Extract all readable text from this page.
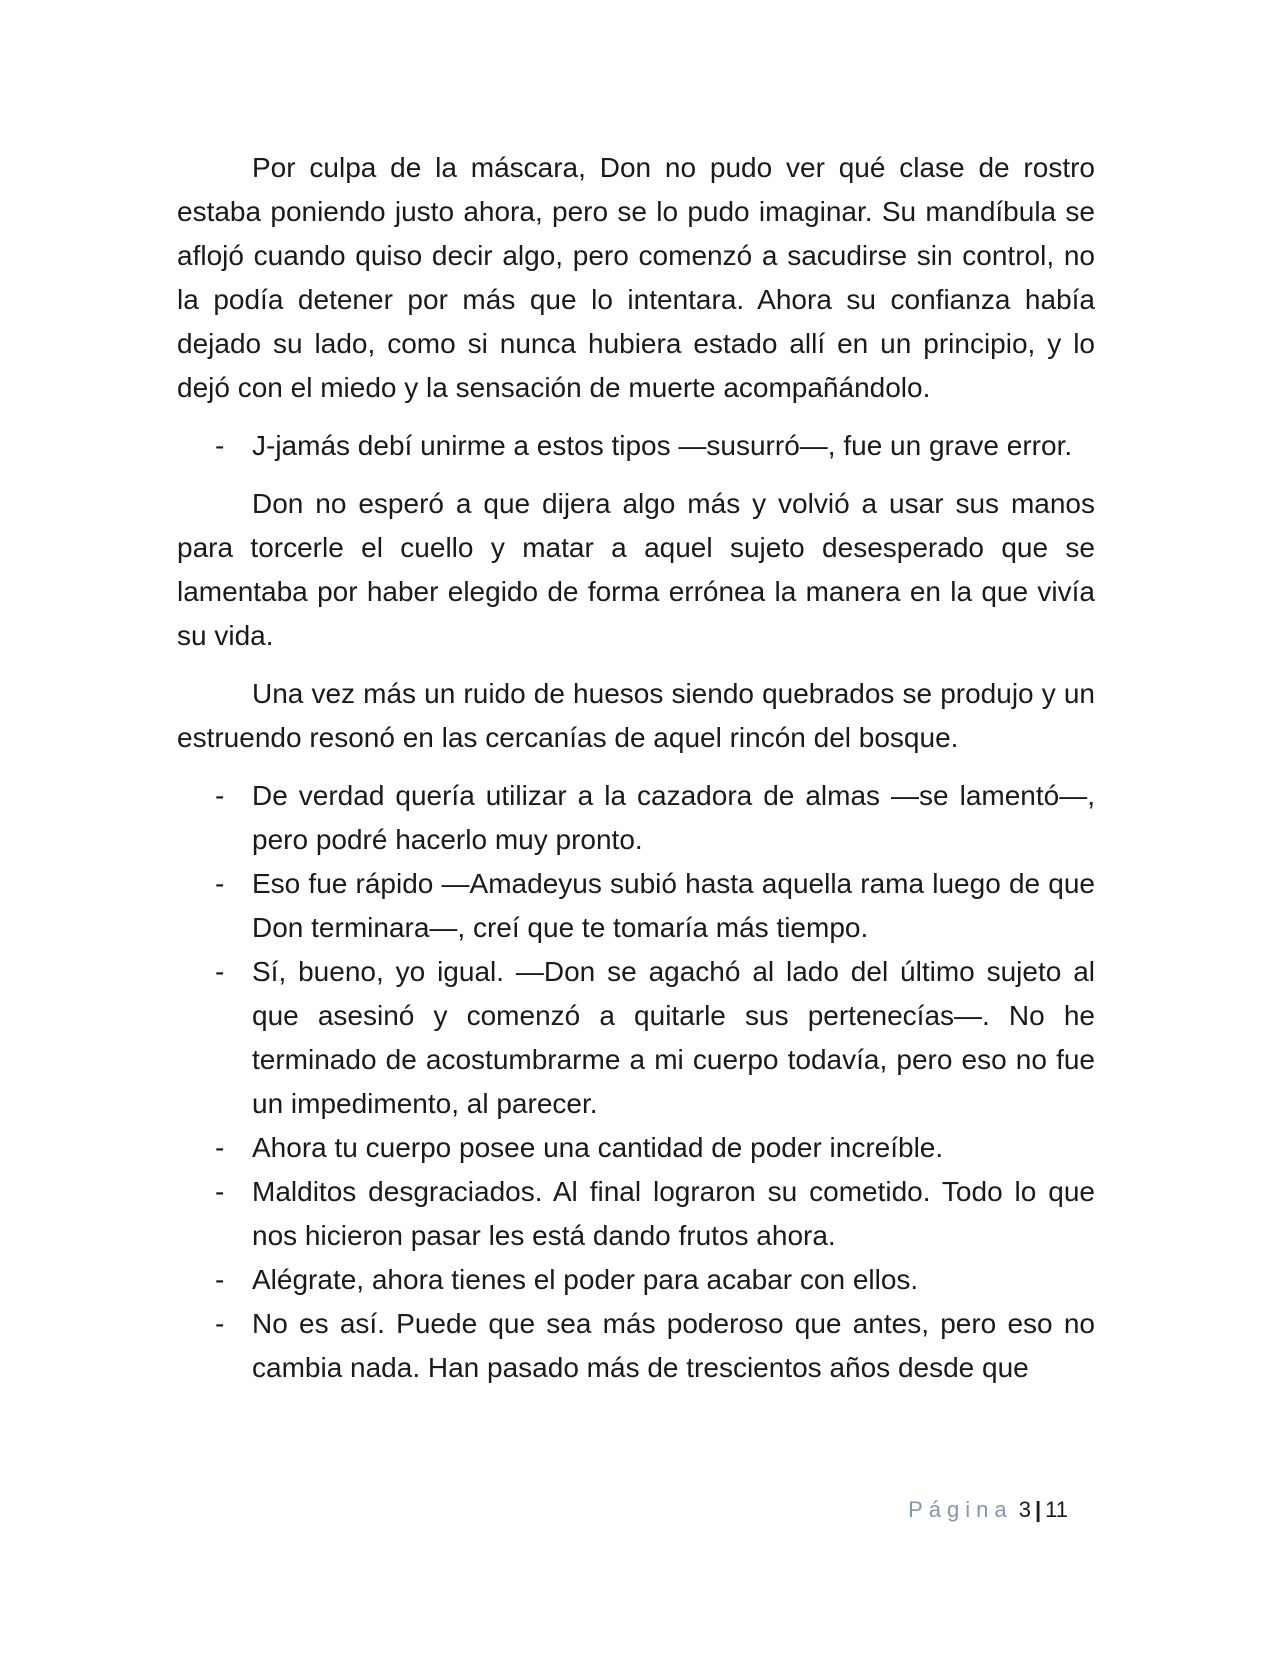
Por culpa de la máscara, Don no pudo ver qué clase de rostro estaba poniendo justo ahora, pero se lo pudo imaginar. Su mandíbula se aflojó cuando quiso decir algo, pero comenzó a sacudirse sin control, no la podía detener por más que lo intentara. Ahora su confianza había dejado su lado, como si nunca hubiera estado allí en un principio, y lo dejó con el miedo y la sensación de muerte acompañándolo.

- J-jamás debí unirme a estos tipos —susurró—, fue un grave error.

Don no esperó a que dijera algo más y volvió a usar sus manos para torcerle el cuello y matar a aquel sujeto desesperado que se lamentaba por haber elegido de forma errónea la manera en la que vivía su vida.

Una vez más un ruido de huesos siendo quebrados se produjo y un estruendo resonó en las cercanías de aquel rincón del bosque.

- De verdad quería utilizar a la cazadora de almas —se lamentó—, pero podré hacerlo muy pronto.
- Eso fue rápido —Amadeyus subió hasta aquella rama luego de que Don terminara—, creí que te tomaría más tiempo.
- Sí, bueno, yo igual. —Don se agachó al lado del último sujeto al que asesinó y comenzó a quitarle sus pertenecías—. No he terminado de acostumbrarme a mi cuerpo todavía, pero eso no fue un impedimento, al parecer.
- Ahora tu cuerpo posee una cantidad de poder increíble.
- Malditos desgraciados. Al final lograron su cometido. Todo lo que nos hicieron pasar les está dando frutos ahora.
- Alégrate, ahora tienes el poder para acabar con ellos.
- No es así. Puede que sea más poderoso que antes, pero eso no cambia nada. Han pasado más de trescientos años desde que
Página 3 | 11
